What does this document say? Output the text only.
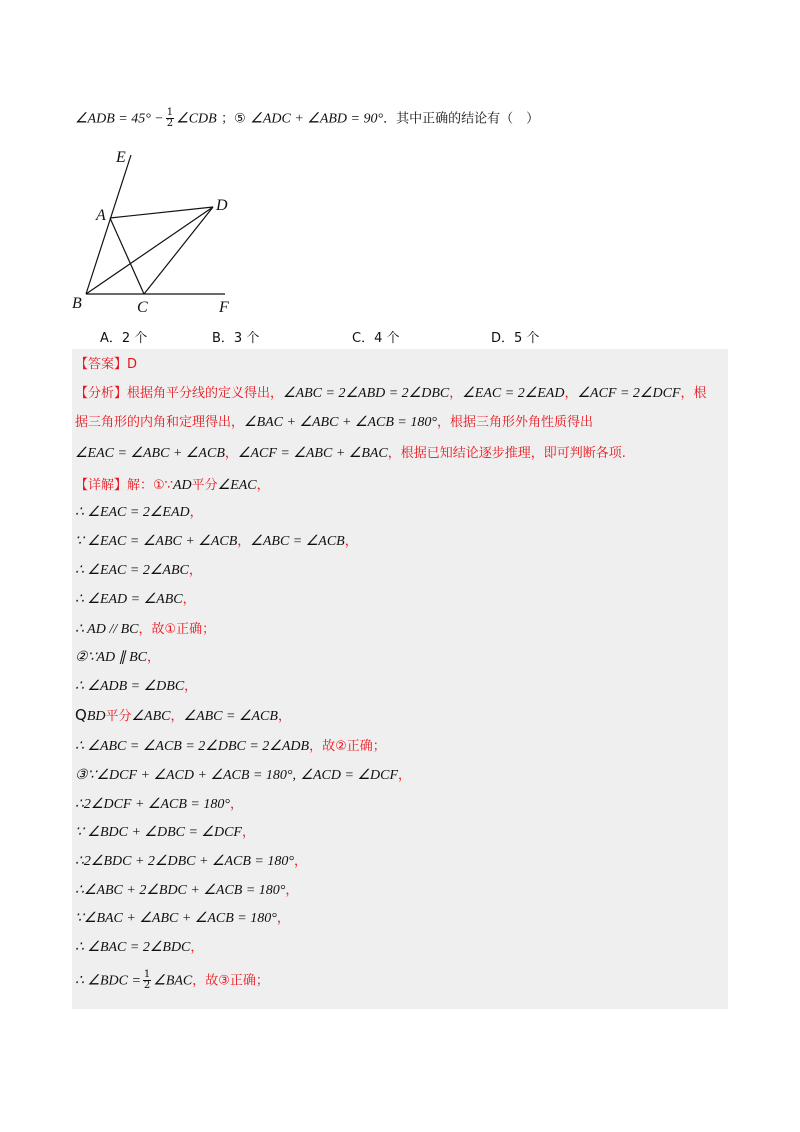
∠ADB = $45^\circ - \frac{1}{2}$ ∠CDB ；⑤ ∠ADC + ∠ABD = 90°．其中正确的结论有（　）
E
A
D
B	C	F
A．2 个	B．3 个	C．4 个	D．5 个
【答案】D
【分析】根据角平分线的定义得出，∠ABC = 2∠ABD = 2∠DBC，∠EAC = 2∠EAD，∠ACF = 2∠DCF，根
据三角形的内角和定理得出，∠BAC + ∠ABC + ∠ACB = 180°，根据三角形外角性质得出
∠EAC = ∠ABC + ∠ACB，∠ACF = ∠ABC + ∠BAC，根据已知结论逐步推理，即可判断各项.
【详解】解：①∵AD平分∠EAC，
∴ ∠EAC = 2∠EAD，
∵ ∠EAC = ∠ABC + ∠ACB，∠ABC = ∠ACB，
∴ ∠EAC = 2∠ABC，
∴ ∠EAD = ∠ABC，
∴ AD // BC，故①正确；
②∵AD ∥ BC，
∴ ∠ADB = ∠DBC，
QBD平分∠ABC，∠ABC = ∠ACB，
∴ ∠ABC = ∠ACB = 2∠DBC = 2∠ADB，故②正确；
③∵∠DCF + ∠ACD + ∠ACB = 180°, ∠ACD = ∠DCF，
∴2∠DCF + ∠ACB = 180°，
∵ ∠BDC + ∠DBC = ∠DCF，
∴2∠BDC + 2∠DBC + ∠ACB = 180°，
∴∠ABC + 2∠BDC + ∠ACB = 180°，
∵∠BAC + ∠ABC + ∠ACB = 180°，
∴ ∠BAC = 2∠BDC，
∴ ∠BDC = $\frac{1}{2}$ ∠BAC，故③正确；
